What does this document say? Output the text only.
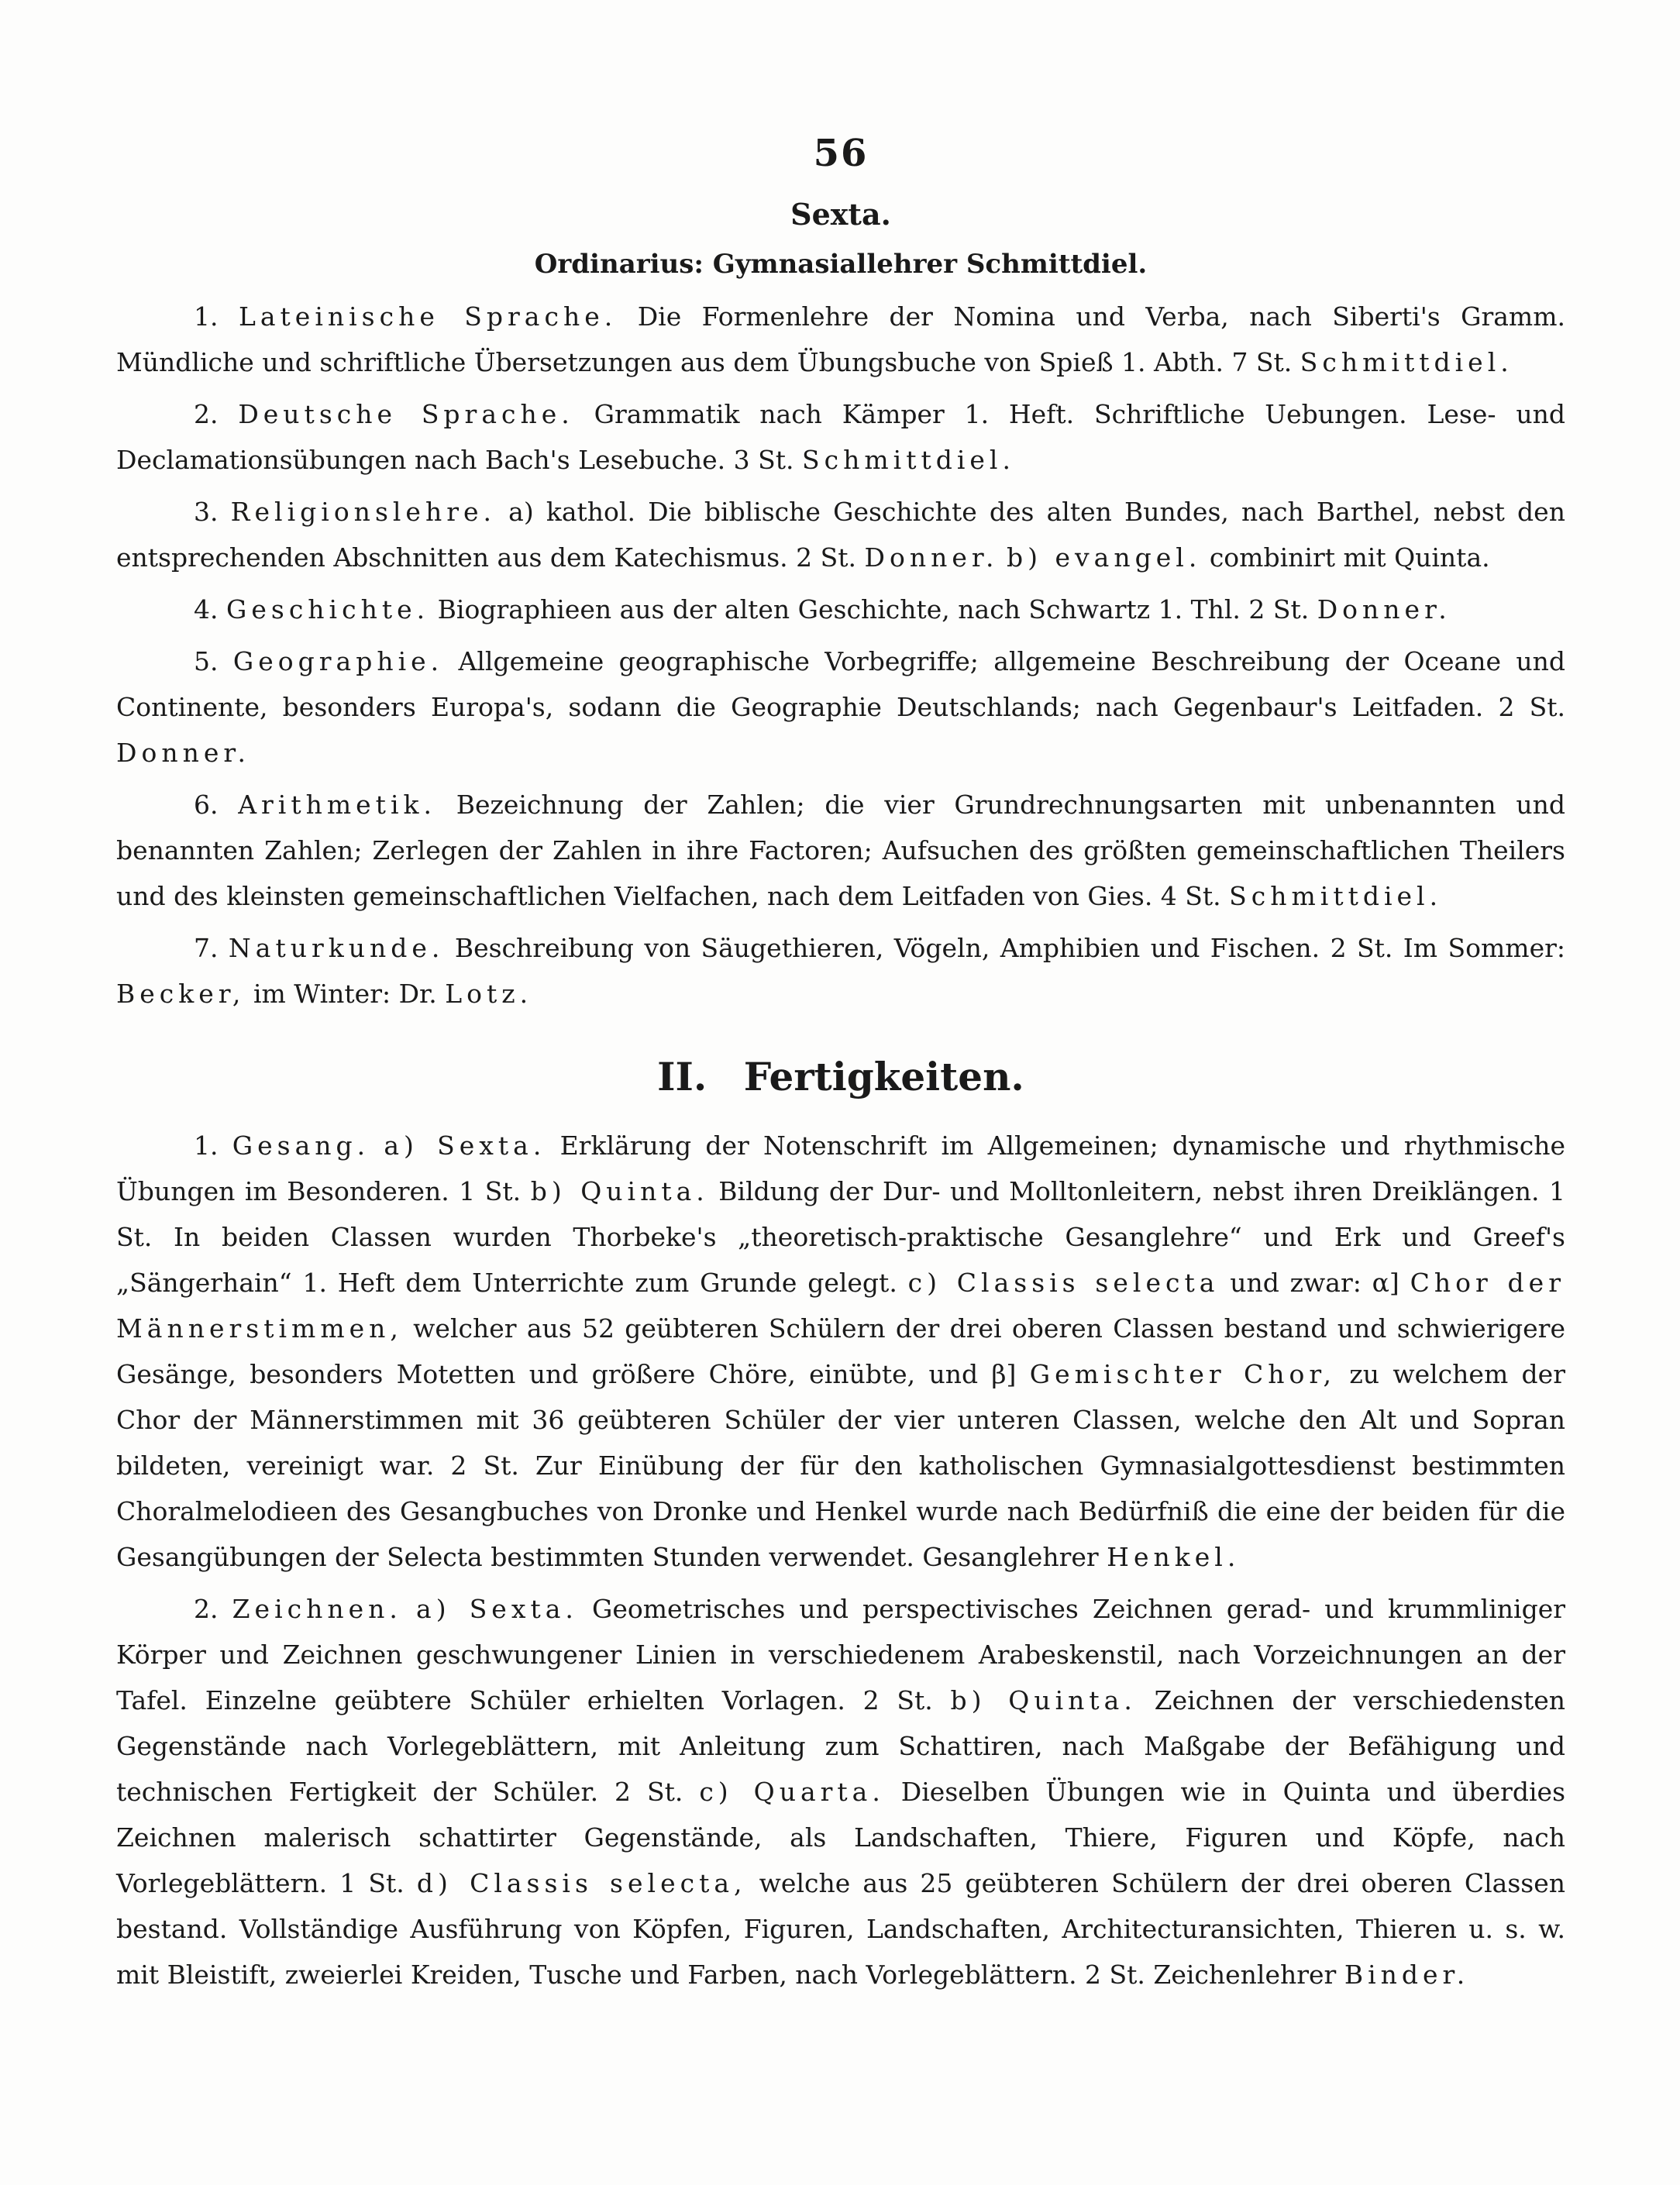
56
Sexta.
Ordinarius: Gymnasiallehrer Schmittdiel.

1. Lateinische Sprache. Die Formenlehre der Nomina und Verba, nach Siberti's Gramm. Mündliche und schriftliche Übersetzungen aus dem Übungsbuche von Spieß 1. Abth. 7 St. Schmittdiel.

2. Deutsche Sprache. Grammatik nach Kämper 1. Heft. Schriftliche Uebungen. Lese- und Declamationsübungen nach Bach's Lesebuche. 3 St. Schmittdiel.

3. Religionslehre. a) kathol. Die biblische Geschichte des alten Bundes, nach Barthel, nebst den entsprechenden Abschnitten aus dem Katechismus. 2 St. Donner. b) evangel. combinirt mit Quinta.

4. Geschichte. Biographieen aus der alten Geschichte, nach Schwartz 1. Thl. 2 St. Donner.

5. Geographie. Allgemeine geographische Vorbegriffe; allgemeine Beschreibung der Oceane und Continente, besonders Europa's, sodann die Geographie Deutschlands; nach Gegenbaur's Leitfaden. 2 St. Donner.

6. Arithmetik. Bezeichnung der Zahlen; die vier Grundrechnungsarten mit unbenannten und benannten Zahlen; Zerlegen der Zahlen in ihre Factoren; Aufsuchen des größten gemeinschaftlichen Theilers und des kleinsten gemeinschaftlichen Vielfachen, nach dem Leitfaden von Gies. 4 St. Schmittdiel.

7. Naturkunde. Beschreibung von Säugethieren, Vögeln, Amphibien und Fischen. 2 St. Im Sommer: Becker, im Winter: Dr. Lotz.

II. Fertigkeiten.

1. Gesang. a) Sexta. Erklärung der Notenschrift im Allgemeinen; dynamische und rhythmische Übungen im Besonderen. 1 St. b) Quinta. Bildung der Dur- und Molltonleitern, nebst ihren Dreiklängen. 1 St. In beiden Classen wurden Thorbeke's „theoretisch-praktische Gesanglehre“ und Erk und Greef's „Sängerhain“ 1. Heft dem Unterrichte zum Grunde gelegt. c) Classis selecta und zwar: α] Chor der Männerstimmen, welcher aus 52 geübteren Schülern der drei oberen Classen bestand und schwierigere Gesänge, besonders Motetten und größere Chöre, einübte, und β] Gemischter Chor, zu welchem der Chor der Männerstimmen mit 36 geübteren Schüler der vier unteren Classen, welche den Alt und Sopran bildeten, vereinigt war. 2 St. Zur Einübung der für den katholischen Gymnasialgottesdienst bestimmten Choralmelodieen des Gesangbuches von Dronke und Henkel wurde nach Bedürfniß die eine der beiden für die Gesangübungen der Selecta bestimmten Stunden verwendet. Gesanglehrer Henkel.

2. Zeichnen. a) Sexta. Geometrisches und perspectivisches Zeichnen gerad- und krummliniger Körper und Zeichnen geschwungener Linien in verschiedenem Arabeskenstil, nach Vorzeichnungen an der Tafel. Einzelne geübtere Schüler erhielten Vorlagen. 2 St. b) Quinta. Zeichnen der verschiedensten Gegenstände nach Vorlegeblättern, mit Anleitung zum Schattiren, nach Maßgabe der Befähigung und technischen Fertigkeit der Schüler. 2 St. c) Quarta. Dieselben Übungen wie in Quinta und überdies Zeichnen malerisch schattirter Gegenstände, als Landschaften, Thiere, Figuren und Köpfe, nach Vorlegeblättern. 1 St. d) Classis selecta, welche aus 25 geübteren Schülern der drei oberen Classen bestand. Vollständige Ausführung von Köpfen, Figuren, Landschaften, Architecturansichten, Thieren u. s. w. mit Bleistift, zweierlei Kreiden, Tusche und Farben, nach Vorlegeblättern. 2 St. Zeichenlehrer Binder.
